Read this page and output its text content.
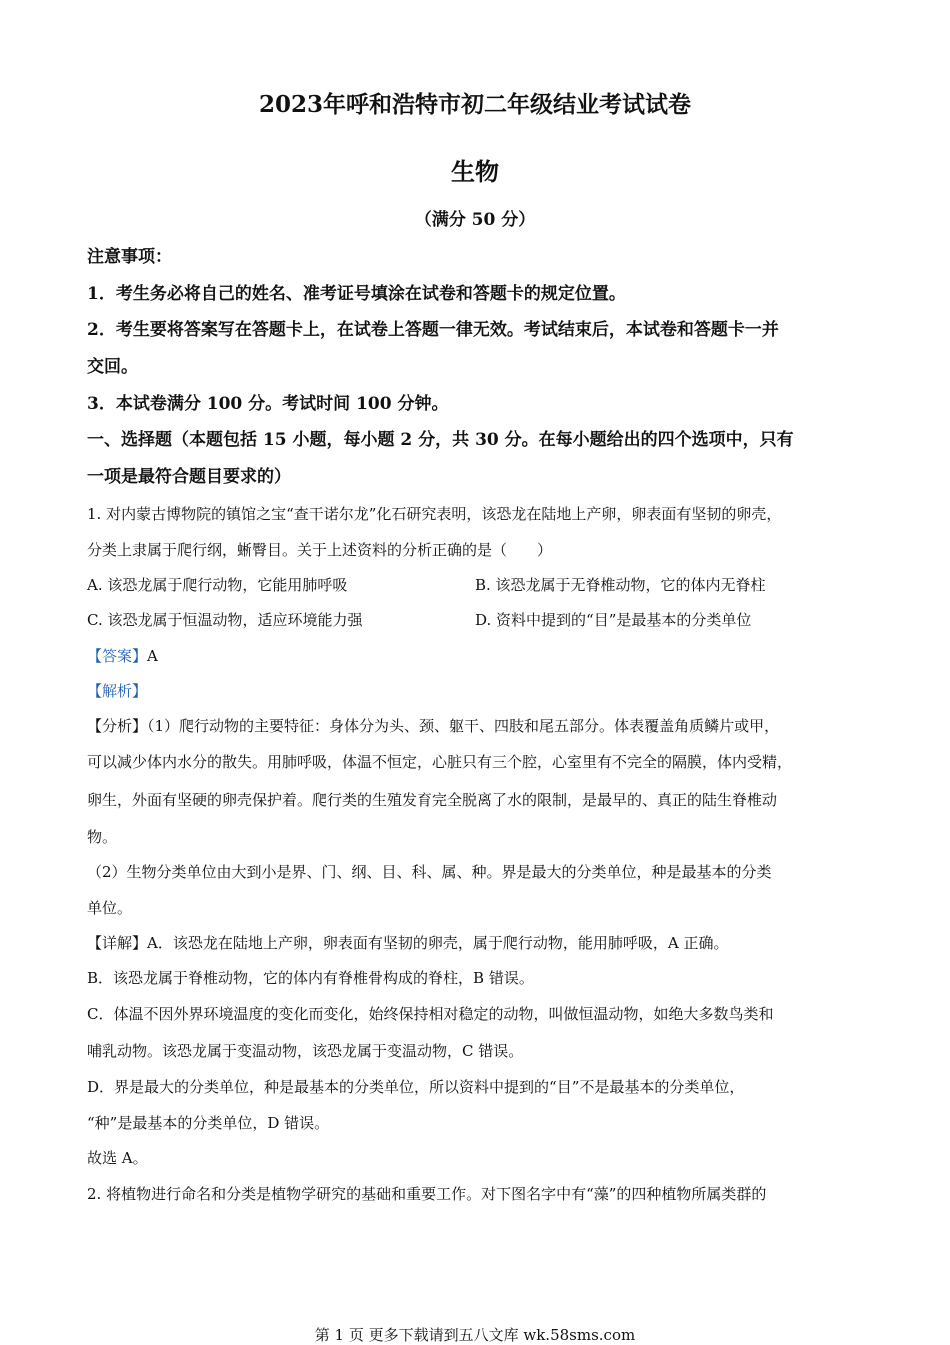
2023年呼和浩特市初二年级结业考试试卷
生物
（满分 50 分）
注意事项：
1．考生务必将自己的姓名、准考证号填涂在试卷和答题卡的规定位置。
2．考生要将答案写在答题卡上，在试卷上答题一律无效。考试结束后，本试卷和答题卡一并
交回。
3．本试卷满分 100 分。考试时间 100 分钟。
一、选择题（本题包括 15 小题，每小题 2 分，共 30 分。在每小题给出的四个选项中，只有
一项是最符合题目要求的）
1. 对内蒙古博物院的镇馆之宝“查干诺尔龙”化石研究表明，该恐龙在陆地上产卵，卵表面有坚韧的卵壳，
分类上隶属于爬行纲，蜥臀目。关于上述资料的分析正确的是（　　）
A. 该恐龙属于爬行动物，它能用肺呼吸	B. 该恐龙属于无脊椎动物，它的体内无脊柱
C. 该恐龙属于恒温动物，适应环境能力强	D. 资料中提到的“目”是最基本的分类单位
【答案】A
【解析】
【分析】（1）爬行动物的主要特征：身体分为头、颈、躯干、四肢和尾五部分。体表覆盖角质鳞片或甲，
可以减少体内水分的散失。用肺呼吸，体温不恒定，心脏只有三个腔，心室里有不完全的隔膜，体内受精，
卵生，外面有坚硬的卵壳保护着。爬行类的生殖发育完全脱离了水的限制，是最早的、真正的陆生脊椎动
物。
（2）生物分类单位由大到小是界、门、纲、目、科、属、种。界是最大的分类单位，种是最基本的分类
单位。
【详解】A．该恐龙在陆地上产卵，卵表面有坚韧的卵壳，属于爬行动物，能用肺呼吸，A 正确。
B．该恐龙属于脊椎动物，它的体内有脊椎骨构成的脊柱，B 错误。
C．体温不因外界环境温度的变化而变化，始终保持相对稳定的动物，叫做恒温动物，如绝大多数鸟类和
哺乳动物。该恐龙属于变温动物，该恐龙属于变温动物，C 错误。
D．界是最大的分类单位，种是最基本的分类单位，所以资料中提到的“目”不是最基本的分类单位，
“种”是最基本的分类单位，D 错误。
故选 A。
2. 将植物进行命名和分类是植物学研究的基础和重要工作。对下图名字中有“藻”的四种植物所属类群的
第 1 页 更多下载请到五八文库 wk.58sms.com
